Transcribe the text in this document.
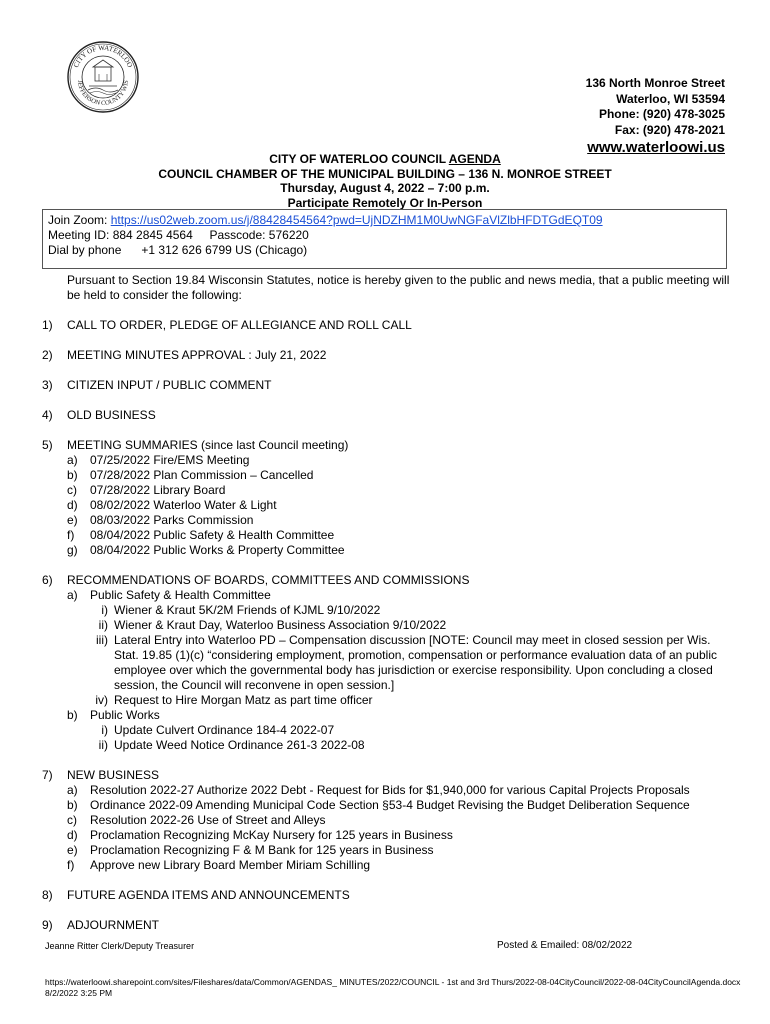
CITY OF WATERLOO
JEFFERSON COUNTY WIS	136 North Monroe Street
Waterloo, WI 53594
Phone: (920) 478-3025
Fax: (920) 478-2021
www.waterloowi.us
CITY OF WATERLOO COUNCIL AGENDA
COUNCIL CHAMBER OF THE MUNICIPAL BUILDING – 136 N. MONROE STREET
Thursday, August 4, 2022 – 7:00 p.m.
Participate Remotely Or In-Person
Join Zoom: https://us02web.zoom.us/j/88428454564?pwd=UjNDZHM1M0UwNGFaVlZlbHFDTGdEQT09
Meeting ID: 884 2845 4564     Passcode: 576220
Dial by phone      +1 312 626 6799 US (Chicago)
Pursuant to Section 19.84 Wisconsin Statutes, notice is hereby given to the public and news media, that a public meeting will be held to consider the following:
1) CALL TO ORDER, PLEDGE OF ALLEGIANCE AND ROLL CALL
2) MEETING MINUTES APPROVAL : July 21, 2022
3) CITIZEN INPUT / PUBLIC COMMENT
4) OLD BUSINESS
5) MEETING SUMMARIES (since last Council meeting)
a) 07/25/2022 Fire/EMS Meeting
b) 07/28/2022 Plan Commission – Cancelled
c) 07/28/2022 Library Board
d) 08/02/2022 Waterloo Water & Light
e) 08/03/2022 Parks Commission
f) 08/04/2022 Public Safety & Health Committee
g) 08/04/2022 Public Works & Property Committee
6) RECOMMENDATIONS OF BOARDS, COMMITTEES AND COMMISSIONS
a) Public Safety & Health Committee
i) Wiener & Kraut 5K/2M Friends of KJML 9/10/2022
ii) Wiener & Kraut Day, Waterloo Business Association 9/10/2022
iii) Lateral Entry into Waterloo PD – Compensation discussion [NOTE: Council may meet in closed session per Wis. Stat. 19.85 (1)(c) “considering employment, promotion, compensation or performance evaluation data of an public employee over which the governmental body has jurisdiction or exercise responsibility. Upon concluding a closed session, the Council will reconvene in open session.]
iv) Request to Hire Morgan Matz as part time officer
b) Public Works
i) Update Culvert Ordinance 184-4 2022-07
ii) Update Weed Notice Ordinance 261-3 2022-08
7) NEW BUSINESS
a) Resolution 2022-27 Authorize 2022 Debt - Request for Bids for $1,940,000 for various Capital Projects Proposals
b) Ordinance 2022-09 Amending Municipal Code Section §53-4 Budget Revising the Budget Deliberation Sequence
c) Resolution 2022-26 Use of Street and Alleys
d) Proclamation Recognizing McKay Nursery for 125 years in Business
e) Proclamation Recognizing F & M Bank for 125 years in Business
f) Approve new Library Board Member Miriam Schilling
8) FUTURE AGENDA ITEMS AND ANNOUNCEMENTS
9) ADJOURNMENT
Jeanne Ritter Clerk/Deputy Treasurer	Posted & Emailed: 08/02/2022
https://waterloowi.sharepoint.com/sites/Fileshares/data/Common/AGENDAS_ MINUTES/2022/COUNCIL - 1st and 3rd Thurs/2022-08-04CityCouncil/2022-08-04CityCouncilAgenda.docx
8/2/2022 3:25 PM
